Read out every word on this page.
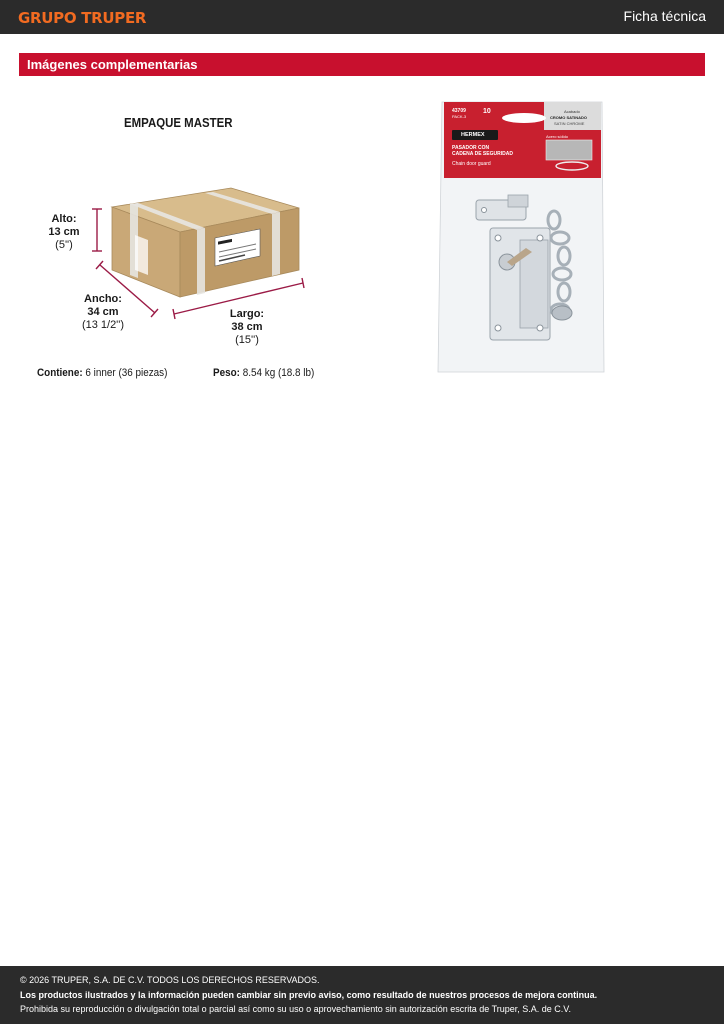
GRUPO TRUPER	Ficha técnica
Imágenes complementarias
EMPAQUE MASTER
Alto:
13 cm
(5'')
Ancho:
34 cm
(13 1/2'')
Largo:
38 cm
(15'')
Contiene: 6 inner (36 piezas)	Peso: 8.54 kg (18.8 lb)
43709
PACK-3
10	Acabado
CROMO SATINADO
SATIN CHROME
HERMEX
PASADOR CON
CADENA DE SEGURIDAD
Chain door guard
Acero sólido

© 2026 TRUPER, S.A. DE C.V. TODOS LOS DERECHOS RESERVADOS.

Los productos ilustrados y la información pueden cambiar sin previo aviso, como resultado de nuestros procesos de mejora continua.

Prohibida su reproducción o divulgación total o parcial así como su uso o aprovechamiento sin autorización escrita de Truper, S.A. de C.V.
